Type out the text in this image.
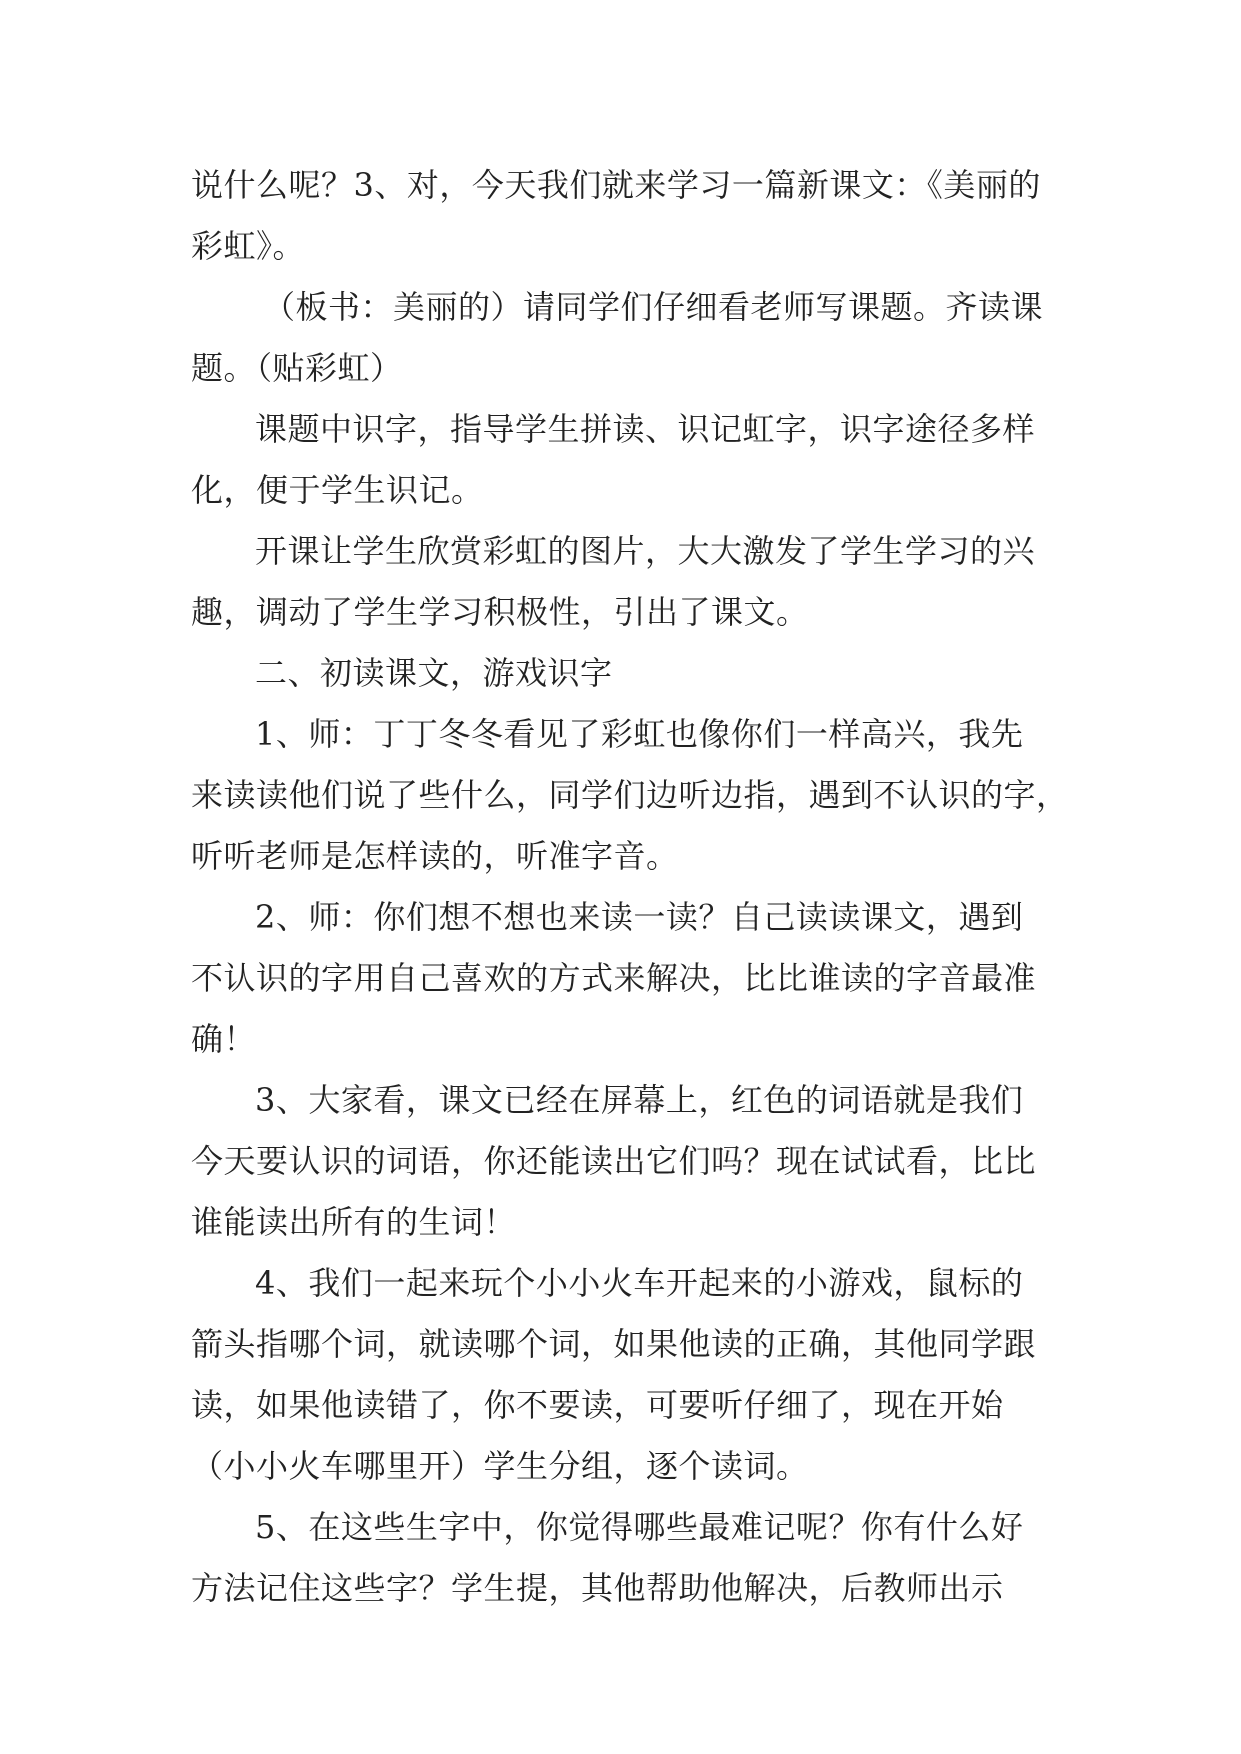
说什么呢？3、对，今天我们就来学习一篇新课文：《美丽的
彩虹》。

（板书：美丽的）请同学们仔细看老师写课题。齐读课
题。（贴彩虹）

课题中识字，指导学生拼读、识记虹字，识字途径多样
化，便于学生识记。

开课让学生欣赏彩虹的图片，大大激发了学生学习的兴
趣，调动了学生学习积极性，引出了课文。

二、初读课文，游戏识字

1、师：丁丁冬冬看见了彩虹也像你们一样高兴，我先
来读读他们说了些什么，同学们边听边指，遇到不认识的字，
听听老师是怎样读的，听准字音。

2、师：你们想不想也来读一读？自己读读课文，遇到
不认识的字用自己喜欢的方式来解决，比比谁读的字音最准
确！

3、大家看，课文已经在屏幕上，红色的词语就是我们
今天要认识的词语，你还能读出它们吗？现在试试看，比比
谁能读出所有的生词！

4、我们一起来玩个小小火车开起来的小游戏，鼠标的
箭头指哪个词，就读哪个词，如果他读的正确，其他同学跟
读，如果他读错了，你不要读，可要听仔细了，现在开始
（小小火车哪里开）学生分组，逐个读词。

5、在这些生字中，你觉得哪些最难记呢？你有什么好
方法记住这些字？学生提，其他帮助他解决，后教师出示
